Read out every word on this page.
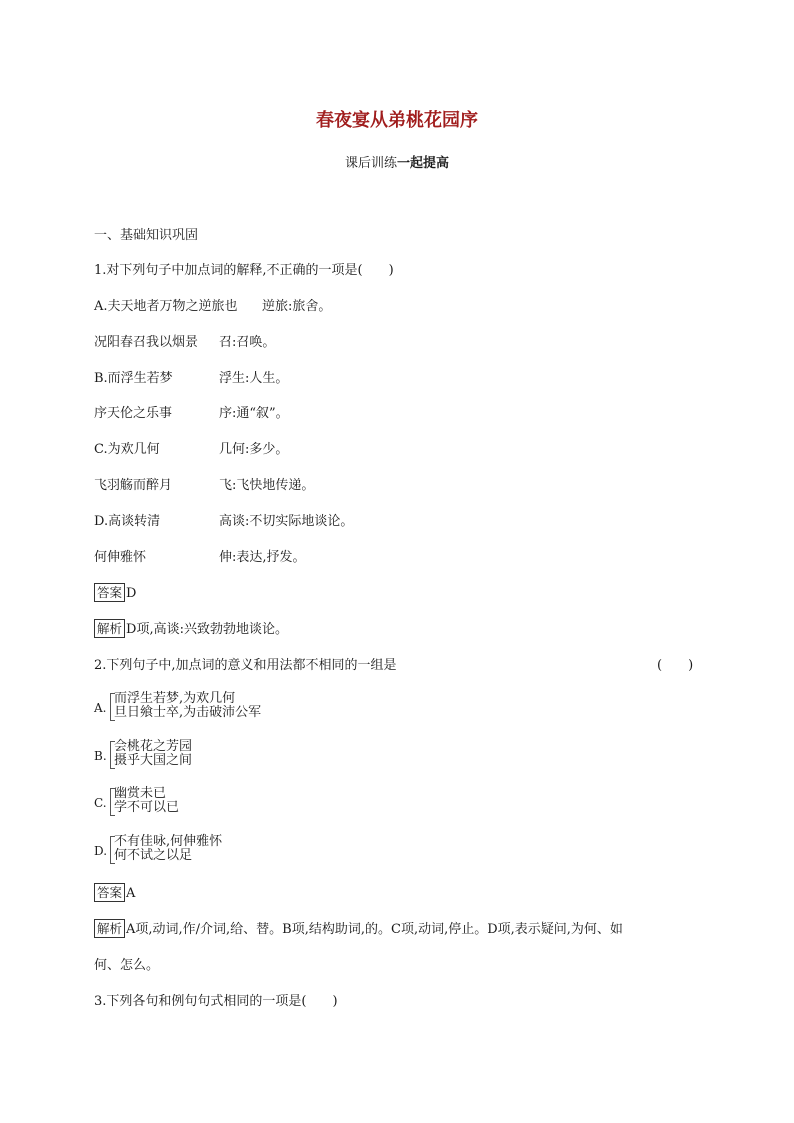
春夜宴从弟桃花园序
课后训练一起提高
一、基础知识巩固
1.对下列句子中加点词的解释,不正确的一项是(　　)
A.夫天地者万物之逆旅也 逆旅:旅舍。
况阳春召我以烟景 召:召唤。
B.而浮生若梦	浮生:人生。
序天伦之乐事	序:通“叙”。
C.为欢几何	几何:多少。
飞羽觞而醉月	飞:飞快地传递。
D.高谈转清	高谈:不切实际地谈论。
何伸雅怀	伸:表达,抒发。
答案 D
解析 D项,高谈:兴致勃勃地谈论。
2.下列句子中,加点词的意义和用法都不相同的一组是	(　　)
A.
而浮生若梦,为欢几何
旦日飨士卒,为击破沛公军
B.
会桃花之芳园
摄乎大国之间
C.
幽赏未已
学不可以已
D.
不有佳咏,何伸雅怀
何不试之以足
答案 A
解析 A项,动词,作/介词,给、替。B项,结构助词,的。C项,动词,停止。D项,表示疑问,为何、如
何、怎么。
3.下列各句和例句句式相同的一项是(　　)
